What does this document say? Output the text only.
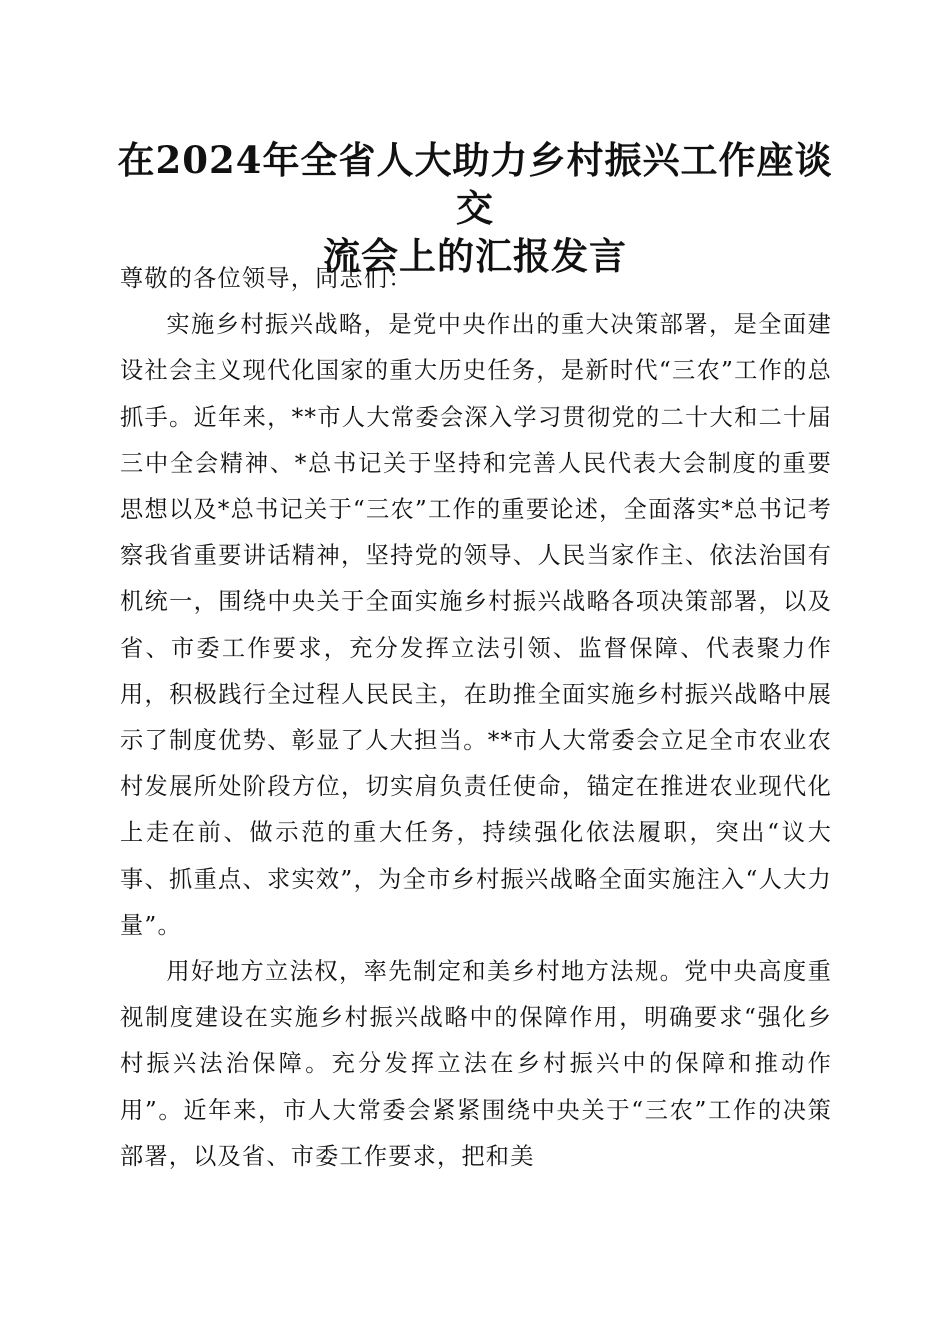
在2024年全省人大助力乡村振兴工作座谈交
流会上的汇报发言

尊敬的各位领导，同志们：

实施乡村振兴战略，是党中央作出的重大决策部署，是全面建设社会主义现代化国家的重大历史任务，是新时代“三农”工作的总抓手。近年来，**市人大常委会深入学习贯彻党的二十大和二十届三中全会精神、*总书记关于坚持和完善人民代表大会制度的重要思想以及*总书记关于“三农”工作的重要论述，全面落实*总书记考察我省重要讲话精神，坚持党的领导、人民当家作主、依法治国有机统一，围绕中央关于全面实施乡村振兴战略各项决策部署，以及省、市委工作要求，充分发挥立法引领、监督保障、代表聚力作用，积极践行全过程人民民主，在助推全面实施乡村振兴战略中展示了制度优势、彰显了人大担当。**市人大常委会立足全市农业农村发展所处阶段方位，切实肩负责任使命，锚定在推进农业现代化上走在前、做示范的重大任务，持续强化依法履职，突出“议大事、抓重点、求实效”，为全市乡村振兴战略全面实施注入“人大力量”。

用好地方立法权，率先制定和美乡村地方法规。党中央高度重视制度建设在实施乡村振兴战略中的保障作用，明确要求“强化乡村振兴法治保障。充分发挥立法在乡村振兴中的保障和推动作用”。近年来，市人大常委会紧紧围绕中央关于“三农”工作的决策部署，以及省、市委工作要求，把和美
